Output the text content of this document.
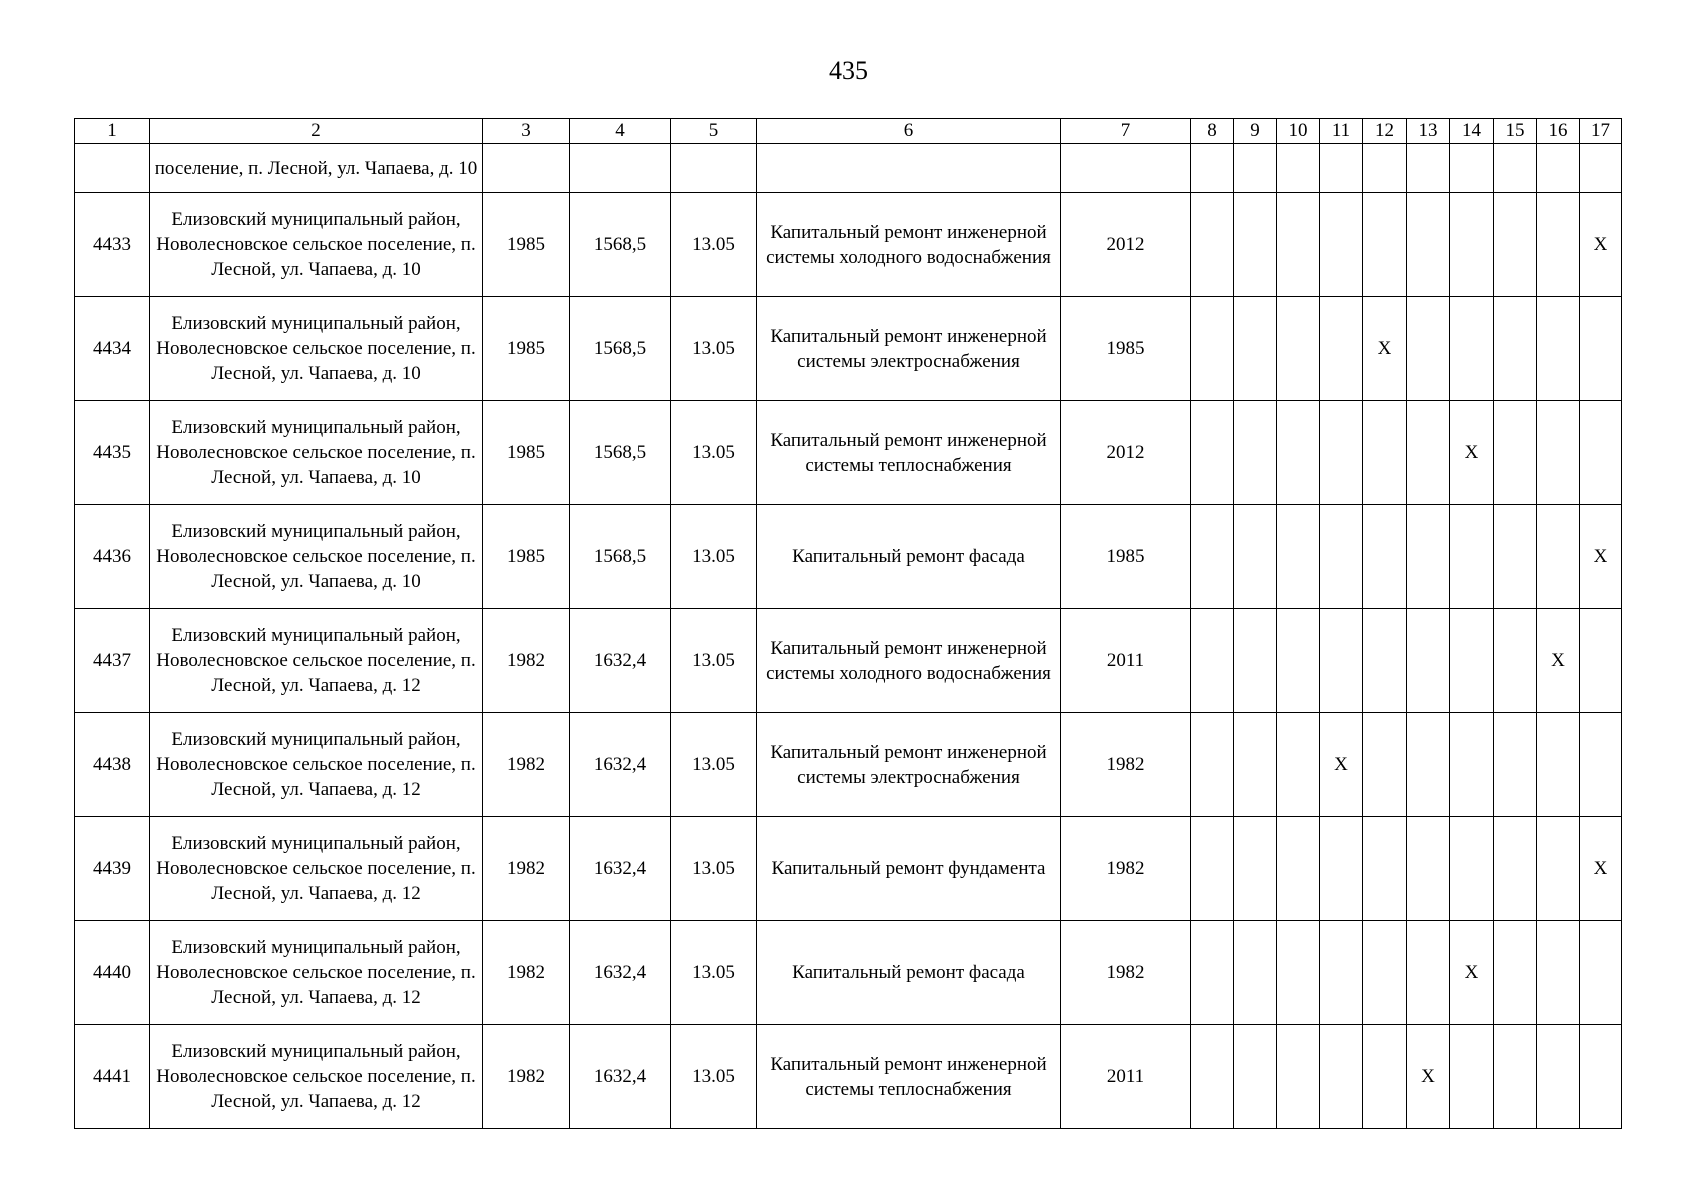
435
1	2	3	4	5	6	7	8	9	10	11	12	13	14	15	16	17
	поселение, п. Лесной, ул. Чапаева, д. 10															
4433	Елизовский муниципальный район, Новолесновское сельское поселение, п. Лесной, ул. Чапаева, д. 10	1985	1568,5	13.05	Капитальный ремонт инженерной системы холодного водоснабжения	2012										X
4434	Елизовский муниципальный район, Новолесновское сельское поселение, п. Лесной, ул. Чапаева, д. 10	1985	1568,5	13.05	Капитальный ремонт инженерной системы электроснабжения	1985					X					
4435	Елизовский муниципальный район, Новолесновское сельское поселение, п. Лесной, ул. Чапаева, д. 10	1985	1568,5	13.05	Капитальный ремонт инженерной системы теплоснабжения	2012							X			
4436	Елизовский муниципальный район, Новолесновское сельское поселение, п. Лесной, ул. Чапаева, д. 10	1985	1568,5	13.05	Капитальный ремонт фасада	1985										X
4437	Елизовский муниципальный район, Новолесновское сельское поселение, п. Лесной, ул. Чапаева, д. 12	1982	1632,4	13.05	Капитальный ремонт инженерной системы холодного водоснабжения	2011									X	
4438	Елизовский муниципальный район, Новолесновское сельское поселение, п. Лесной, ул. Чапаева, д. 12	1982	1632,4	13.05	Капитальный ремонт инженерной системы электроснабжения	1982				X						
4439	Елизовский муниципальный район, Новолесновское сельское поселение, п. Лесной, ул. Чапаева, д. 12	1982	1632,4	13.05	Капитальный ремонт фундамента	1982										X
4440	Елизовский муниципальный район, Новолесновское сельское поселение, п. Лесной, ул. Чапаева, д. 12	1982	1632,4	13.05	Капитальный ремонт фасада	1982							X			
4441	Елизовский муниципальный район, Новолесновское сельское поселение, п. Лесной, ул. Чапаева, д. 12	1982	1632,4	13.05	Капитальный ремонт инженерной системы теплоснабжения	2011						X				
